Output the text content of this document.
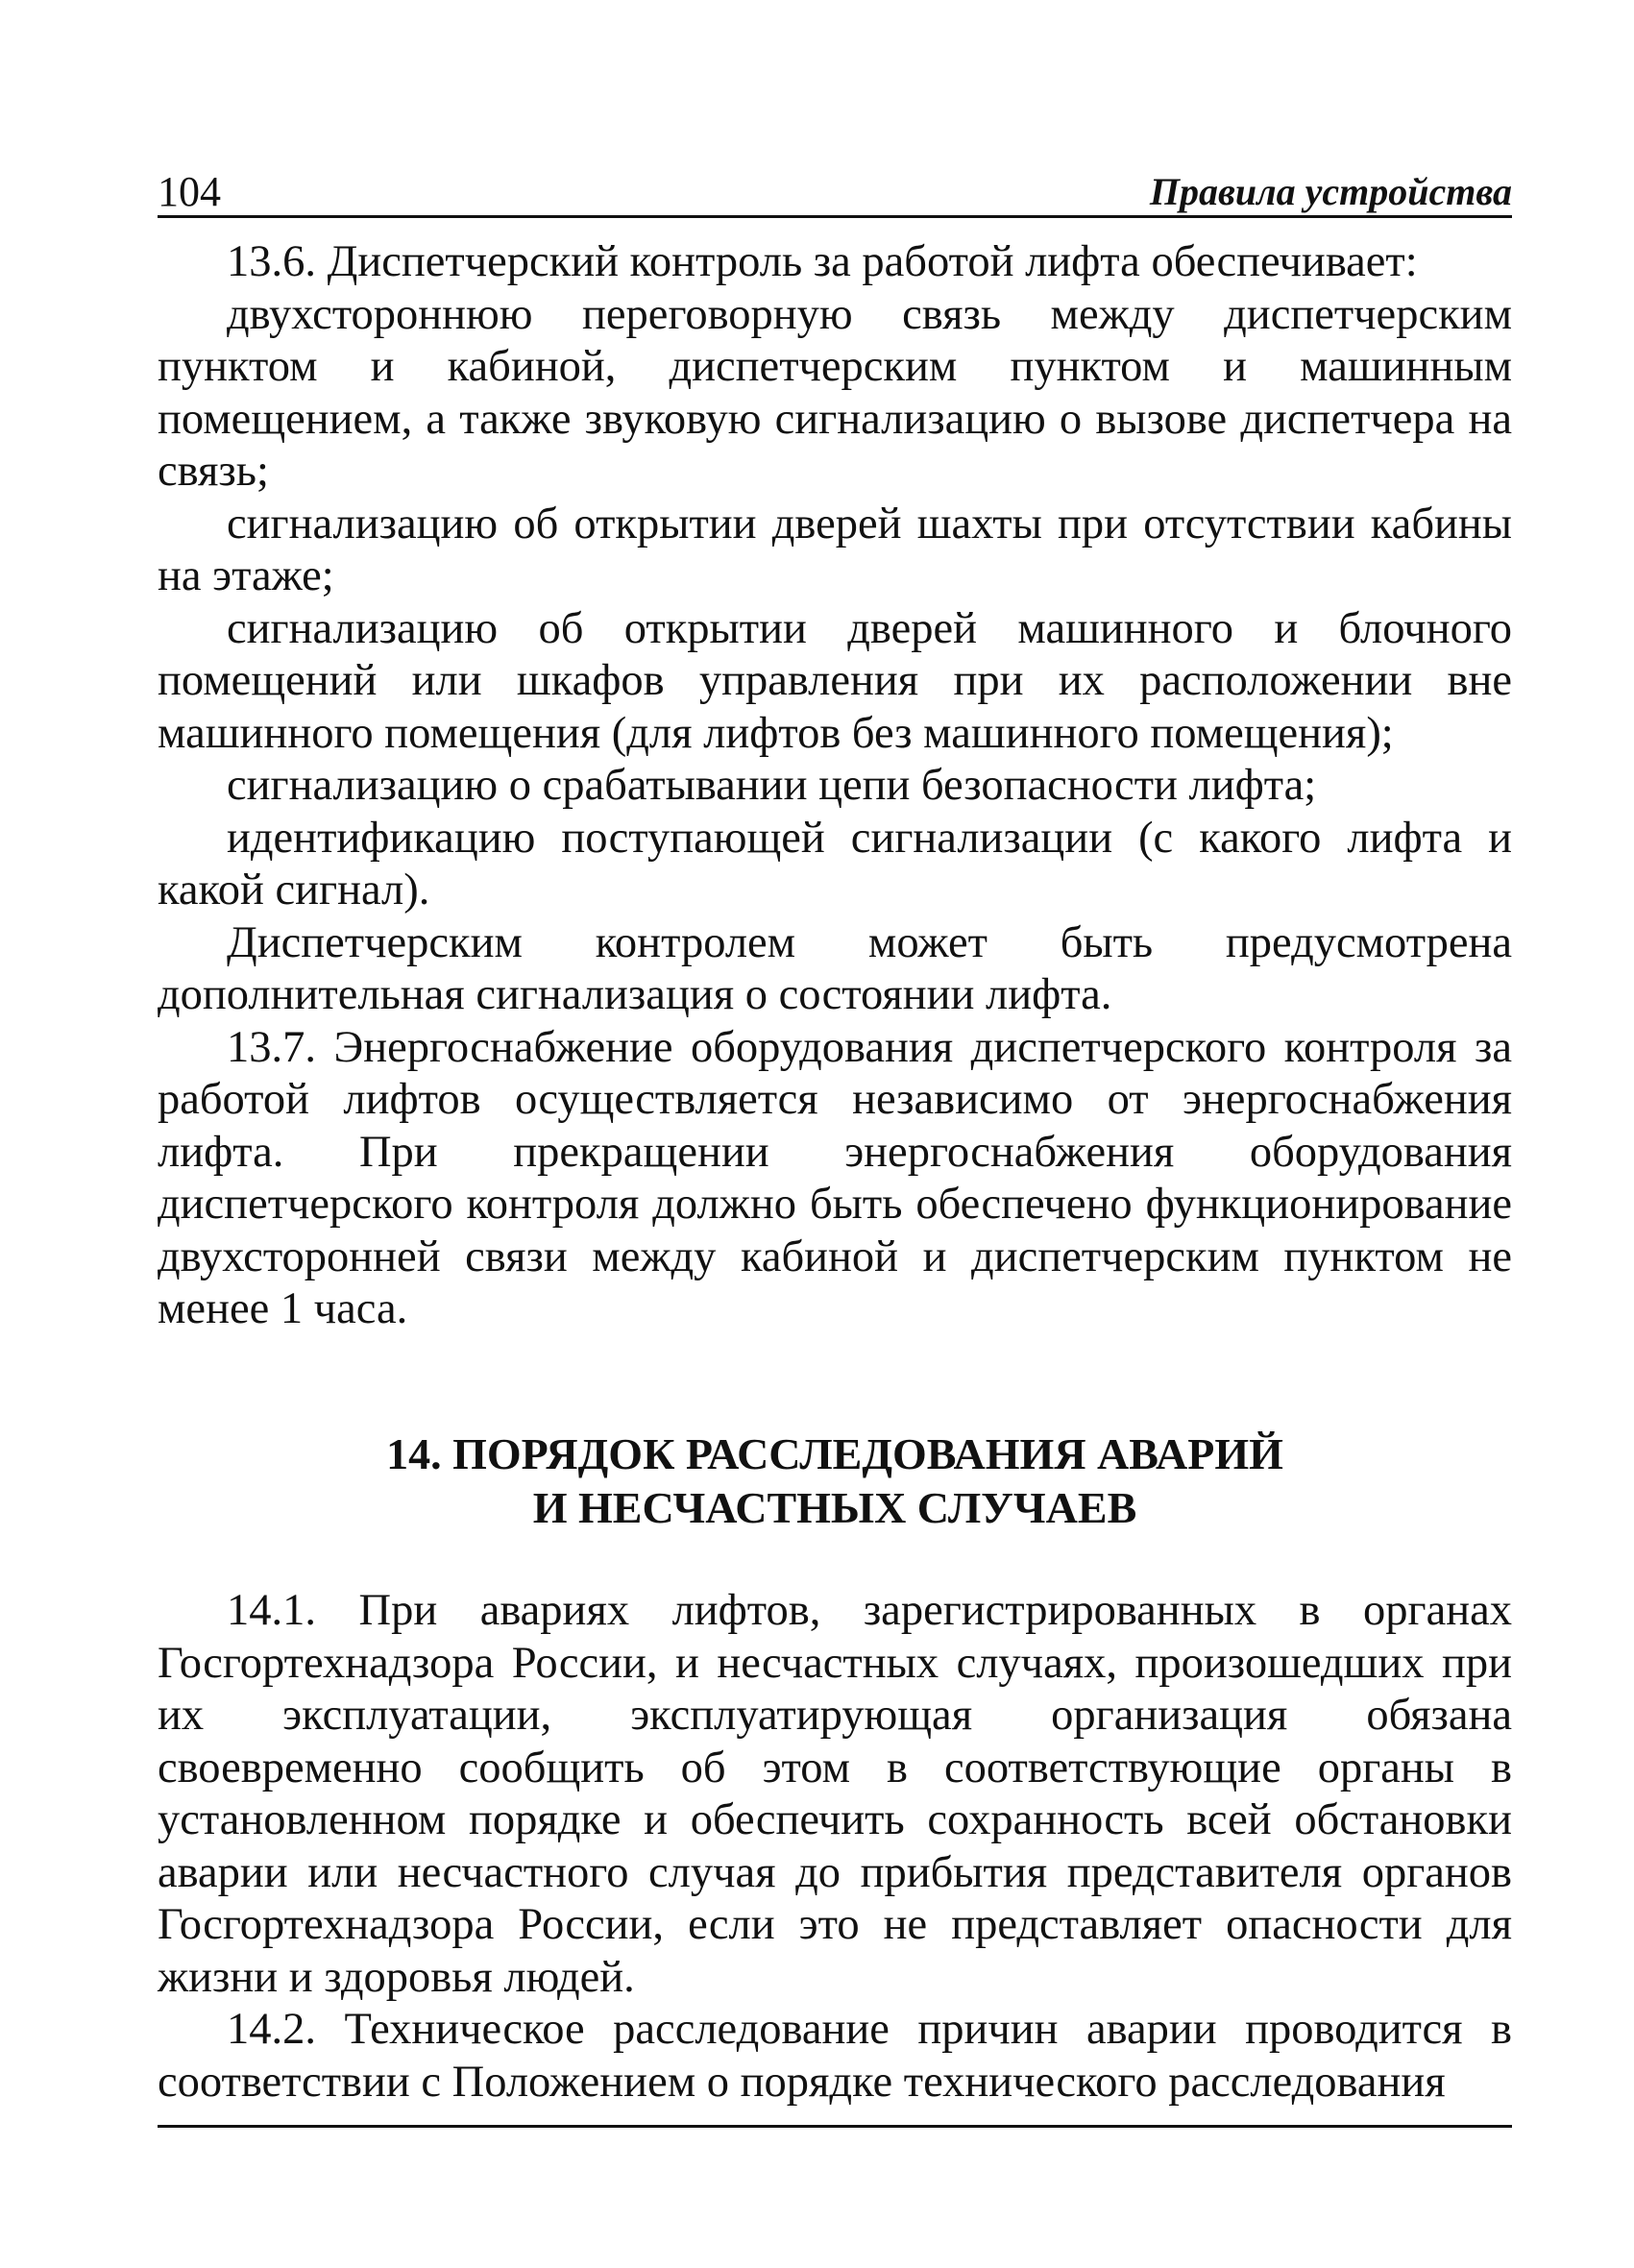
104	Правила устройства

13.6. Диспетчерский контроль за работой лифта обеспечивает:

двухстороннюю переговорную связь между диспетчерским пунктом и кабиной, диспетчерским пунктом и машинным помещением, а также звуковую сигнализацию о вызове диспетчера на связь;

сигнализацию об открытии дверей шахты при отсутствии кабины на этаже;

сигнализацию об открытии дверей машинного и блочного помещений или шкафов управления при их расположении вне машинного помещения (для лифтов без машинного помещения);

сигнализацию о срабатывании цепи безопасности лифта;

идентификацию поступающей сигнализации (с какого лифта и какой сигнал).

Диспетчерским контролем может быть предусмотрена дополнительная сигнализация о состоянии лифта.

13.7. Энергоснабжение оборудования диспетчерского контроля за работой лифтов осуществляется независимо от энергоснабжения лифта. При прекращении энергоснабжения оборудования диспетчерского контроля должно быть обеспечено функционирование двухсторонней связи между кабиной и диспетчерским пунктом не менее 1 часа.

14. ПОРЯДОК РАССЛЕДОВАНИЯ АВАРИЙ
И НЕСЧАСТНЫХ СЛУЧАЕВ

14.1. При авариях лифтов, зарегистрированных в органах Госгортехнадзора России, и несчастных случаях, произошедших при их эксплуатации, эксплуатирующая организация обязана своевременно сообщить об этом в соответствующие органы в установленном порядке и обеспечить сохранность всей обстановки аварии или несчастного случая до прибытия представителя органов Госгортехнадзора России, если это не представляет опасности для жизни и здоровья людей.

14.2. Техническое расследование причин аварии проводится в соответствии с Положением о порядке технического расследования
